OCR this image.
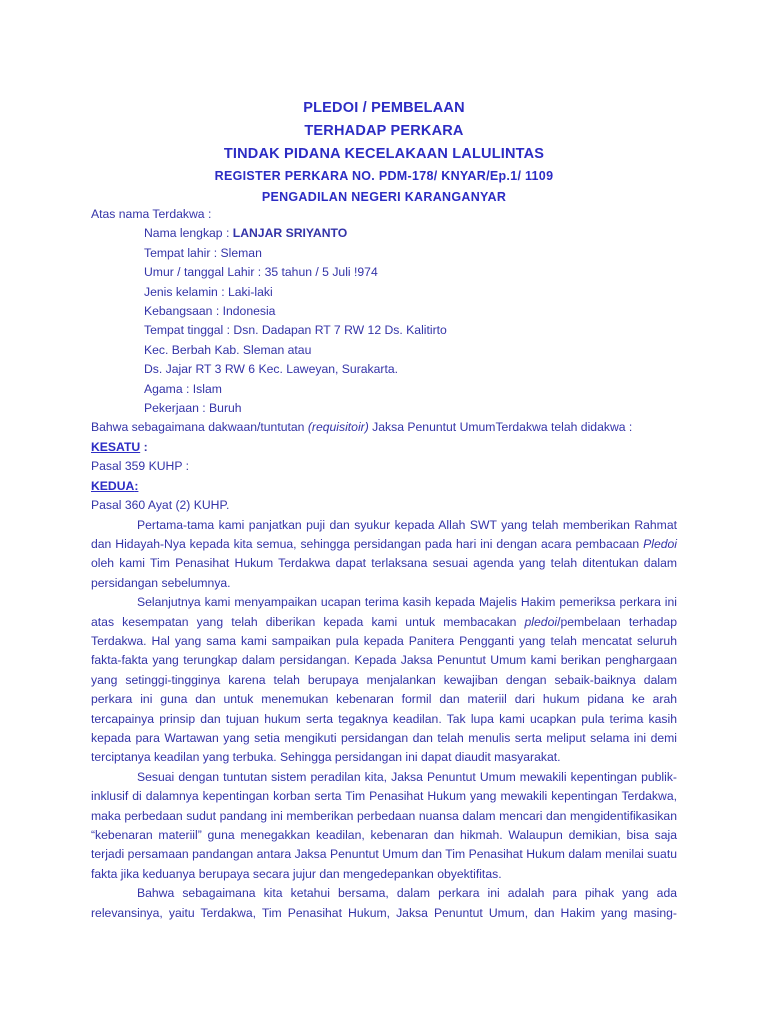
PLEDOI / PEMBELAAN
TERHADAP PERKARA
TINDAK PIDANA KECELAKAAN LALULINTAS
REGISTER PERKARA NO. PDM-178/ KNYAR/Ep.1/ 1109
PENGADILAN NEGERI KARANGANYAR
Atas nama Terdakwa :
Nama lengkap : LANJAR SRIYANTO
Tempat lahir : Sleman
Umur / tanggal Lahir : 35 tahun / 5 Juli !974
Jenis kelamin : Laki-laki
Kebangsaan : Indonesia
Tempat tinggal : Dsn. Dadapan RT 7 RW 12 Ds. Kalitirto
Kec. Berbah Kab. Sleman atau
Ds. Jajar RT 3 RW 6 Kec. Laweyan, Surakarta.
Agama : Islam
Pekerjaan : Buruh
Bahwa sebagaimana dakwaan/tuntutan (requisitoir) Jaksa Penuntut UmumTerdakwa telah didakwa :
KESATU :
Pasal 359 KUHP :
KEDUA:
Pasal 360 Ayat (2) KUHP.
Pertama-tama kami panjatkan puji dan syukur kepada Allah SWT yang telah memberikan Rahmat dan Hidayah-Nya kepada kita semua, sehingga persidangan pada hari ini dengan acara pembacaan Pledoi oleh kami Tim Penasihat Hukum Terdakwa dapat terlaksana sesuai agenda yang telah ditentukan dalam persidangan sebelumnya.
Selanjutnya kami menyampaikan ucapan terima kasih kepada Majelis Hakim pemeriksa perkara ini atas kesempatan yang telah diberikan kepada kami untuk membacakan pledoi/pembelaan terhadap Terdakwa. Hal yang sama kami sampaikan pula kepada Panitera Pengganti yang telah mencatat seluruh fakta-fakta yang terungkap dalam persidangan. Kepada Jaksa Penuntut Umum kami berikan penghargaan yang setinggi-tingginya karena telah berupaya menjalankan kewajiban dengan sebaik-baiknya dalam perkara ini guna dan untuk menemukan kebenaran formil dan materiil dari hukum pidana ke arah tercapainya prinsip dan tujuan hukum serta tegaknya keadilan. Tak lupa kami ucapkan pula terima kasih kepada para Wartawan yang setia mengikuti persidangan dan telah menulis serta meliput selama ini demi terciptanya keadilan yang terbuka. Sehingga persidangan ini dapat diaudit masyarakat.
Sesuai dengan tuntutan sistem peradilan kita, Jaksa Penuntut Umum mewakili kepentingan publik-inklusif di dalamnya kepentingan korban serta Tim Penasihat Hukum yang mewakili kepentingan Terdakwa, maka perbedaan sudut pandang ini memberikan perbedaan nuansa dalam mencari dan mengidentifikasikan “kebenaran materiil” guna menegakkan keadilan, kebenaran dan hikmah. Walaupun demikian, bisa saja terjadi persamaan pandangan antara Jaksa Penuntut Umum dan Tim Penasihat Hukum dalam menilai suatu fakta jika keduanya berupaya secara jujur dan mengedepankan obyektifitas.
Bahwa sebagaimana kita ketahui bersama, dalam perkara ini adalah para pihak yang ada relevansinya, yaitu Terdakwa, Tim Penasihat Hukum, Jaksa Penuntut Umum, dan Hakim yang masing-
